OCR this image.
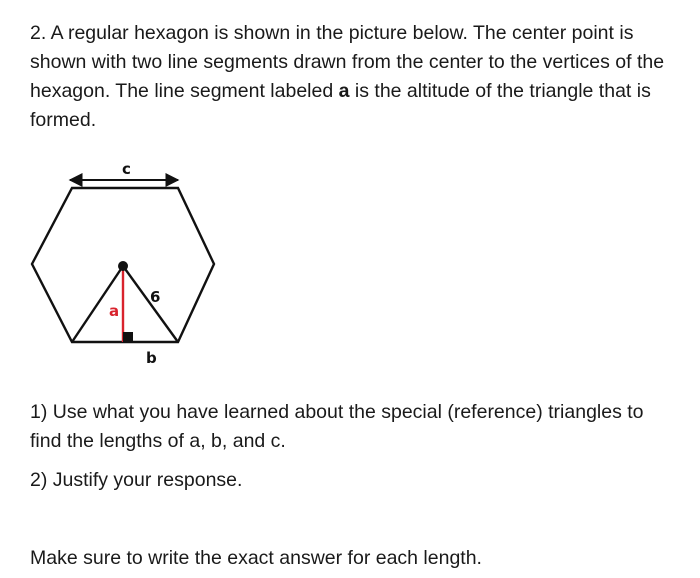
2. A regular hexagon is shown in the picture below. The center point is shown with two line segments drawn from the center to the vertices of the hexagon. The line segment labeled a is the altitude of the triangle that is formed.

c
a
6
b

1) Use what you have learned about the special (reference) triangles to find the lengths of a, b, and c.

2) Justify your response.

Make sure to write the exact answer for each length.
